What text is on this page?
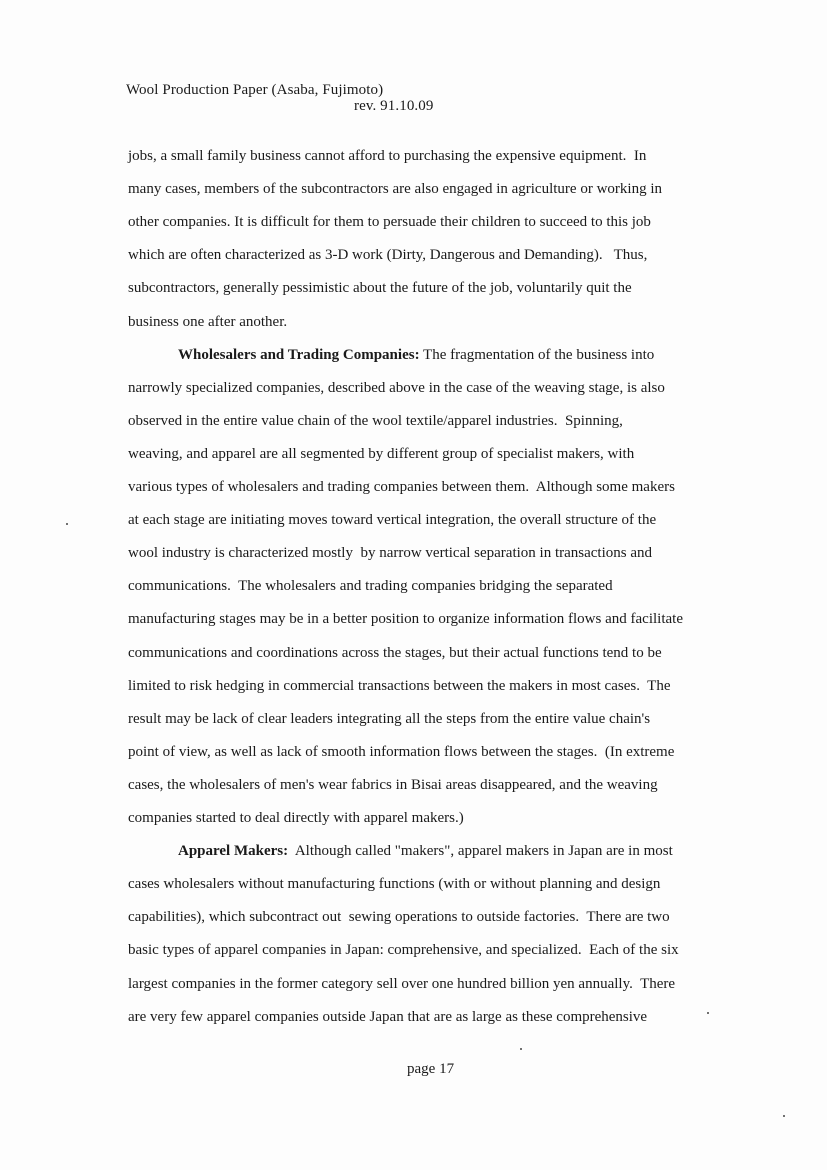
Wool Production Paper (Asaba, Fujimoto)
rev. 91.10.09
jobs, a small family business cannot afford to purchasing the expensive equipment.  In
many cases, members of the subcontractors are also engaged in agriculture or working in
other companies. It is difficult for them to persuade their children to succeed to this job
which are often characterized as 3-D work (Dirty, Dangerous and Demanding).   Thus,
subcontractors, generally pessimistic about the future of the job, voluntarily quit the
business one after another.
Wholesalers and Trading Companies: The fragmentation of the business into
narrowly specialized companies, described above in the case of the weaving stage, is also
observed in the entire value chain of the wool textile/apparel industries.  Spinning,
weaving, and apparel are all segmented by different group of specialist makers, with
various types of wholesalers and trading companies between them.  Although some makers
at each stage are initiating moves toward vertical integration, the overall structure of the
wool industry is characterized mostly  by narrow vertical separation in transactions and
communications.  The wholesalers and trading companies bridging the separated
manufacturing stages may be in a better position to organize information flows and facilitate
communications and coordinations across the stages, but their actual functions tend to be
limited to risk hedging in commercial transactions between the makers in most cases.  The
result may be lack of clear leaders integrating all the steps from the entire value chain's
point of view, as well as lack of smooth information flows between the stages.  (In extreme
cases, the wholesalers of men's wear fabrics in Bisai areas disappeared, and the weaving
companies started to deal directly with apparel makers.)
Apparel Makers:  Although called "makers", apparel makers in Japan are in most
cases wholesalers without manufacturing functions (with or without planning and design
capabilities), which subcontract out  sewing operations to outside factories.  There are two
basic types of apparel companies in Japan: comprehensive, and specialized.  Each of the six
largest companies in the former category sell over one hundred billion yen annually.  There
are very few apparel companies outside Japan that are as large as these comprehensive
page 17
